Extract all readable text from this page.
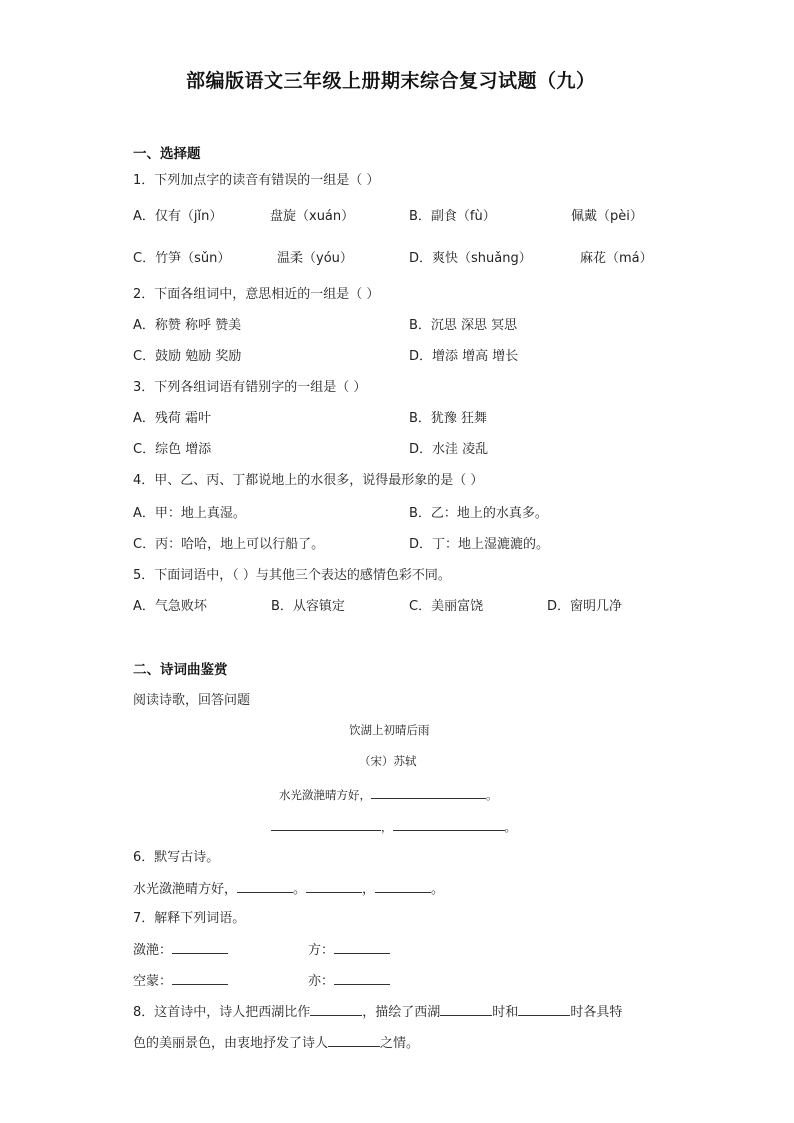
部编版语文三年级上册期末综合复习试题（九）
一、选择题
1．下列加点字的读音有错误的一组是（ ）
A．仅有（jǐn）	盘旋（xuán）	B．副食（fù）	佩戴（pèi）
C．竹笋（sǔn）	温柔（yóu）	D．爽快（shuǎng）	麻花（má）
2．下面各组词中，意思相近的一组是（ ）
A．称赞 称呼 赞美	B．沉思 深思 冥思
C．鼓励 勉励 奖励	D．增添 增高 增长
3．下列各组词语有错别字的一组是（ ）
A．残荷 霜叶	B．犹豫 狂舞
C．综色 增添	D．水洼 凌乱
4．甲、乙、丙、丁都说地上的水很多，说得最形象的是（ ）
A．甲：地上真湿。	B．乙：地上的水真多。
C．丙：哈哈，地上可以行船了。	D．丁：地上湿漉漉的。
5．下面词语中，（ ）与其他三个表达的感情色彩不同。
A．气急败坏	B．从容镇定	C．美丽富饶	D．窗明几净
二、诗词曲鉴赏
阅读诗歌，回答问题
饮湖上初晴后雨
（宋）苏轼
水光潋滟晴方好，	。
，	。
6．默写古诗。
水光潋滟晴方好，	。	，	。
7．解释下列词语。
潋滟：	方：
空蒙：	亦：
8．这首诗中，诗人把西湖比作	，描绘了西湖	时和	时各具特
色的美丽景色，由衷地抒发了诗人	之情。
